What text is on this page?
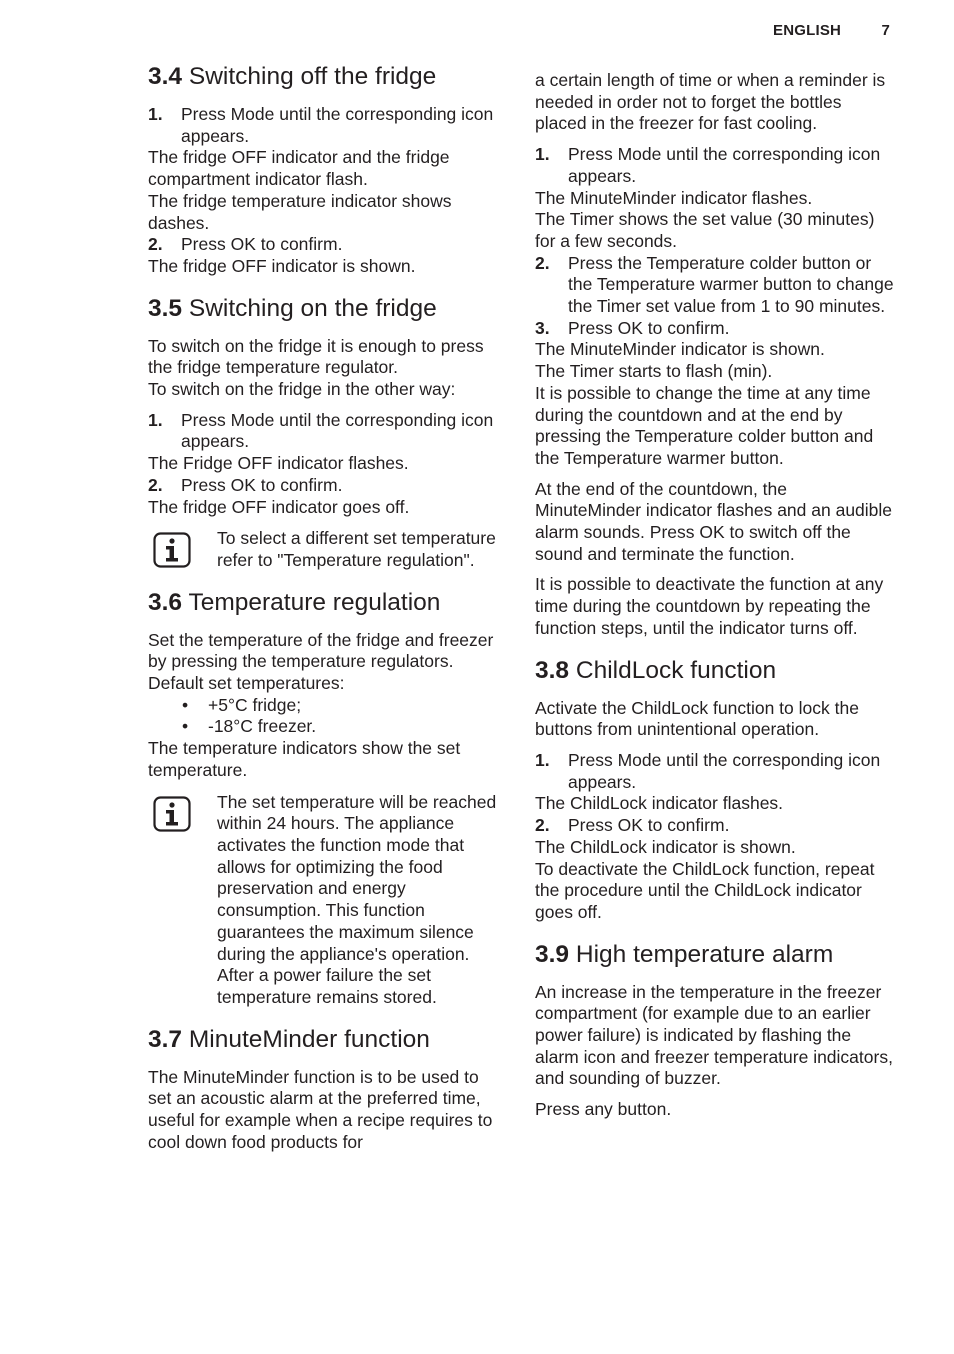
ENGLISH	7
3.4 Switching off the fridge
1.	Press Mode until the corresponding icon appears.

The fridge OFF indicator and the fridge compartment indicator flash.

The fridge temperature indicator shows dashes.

2.	Press OK to confirm.

The fridge OFF indicator is shown.

3.5 Switching on the fridge

To switch on the fridge it is enough to press the fridge temperature regulator.

To switch on the fridge in the other way:

1.	Press Mode until the corresponding icon appears.

The Fridge OFF indicator flashes.

2.	Press OK to confirm.

The fridge OFF indicator goes off.

To select a different set temperature refer to "Temperature regulation".

3.6 Temperature regulation

Set the temperature of the fridge and freezer by pressing the temperature regulators.

Default set temperatures:

•	+5°C fridge;
•	-18°C freezer.

The temperature indicators show the set temperature.

The set temperature will be reached within 24 hours. The appliance activates the function mode that allows for optimizing the food preservation and energy consumption. This function guarantees the maximum silence during the appliance's operation. After a power failure the set temperature remains stored.

3.7 MinuteMinder function

The MinuteMinder function is to be used to set an acoustic alarm at the preferred time, useful for example when a recipe requires to cool down food products for

a certain length of time or when a reminder is needed in order not to forget the bottles placed in the freezer for fast cooling.

1.	Press Mode until the corresponding icon appears.

The MinuteMinder indicator flashes.

The Timer shows the set value (30 minutes) for a few seconds.

2.	Press the Temperature colder button or the Temperature warmer button to change the Timer set value from 1 to 90 minutes.
3.	Press OK to confirm.

The MinuteMinder indicator is shown.

The Timer starts to flash (min).

It is possible to change the time at any time during the countdown and at the end by pressing the Temperature colder button and the Temperature warmer button.

At the end of the countdown, the MinuteMinder indicator flashes and an audible alarm sounds. Press OK to switch off the sound and terminate the function.

It is possible to deactivate the function at any time during the countdown by repeating the function steps, until the indicator turns off.

3.8 ChildLock function

Activate the ChildLock function to lock the buttons from unintentional operation.

1.	Press Mode until the corresponding icon appears.

The ChildLock indicator flashes.

2.	Press OK to confirm.

The ChildLock indicator is shown.

To deactivate the ChildLock function, repeat the procedure until the ChildLock indicator goes off.

3.9 High temperature alarm

An increase in the temperature in the freezer compartment (for example due to an earlier power failure) is indicated by flashing the alarm icon and freezer temperature indicators, and sounding of buzzer.

Press any button.
